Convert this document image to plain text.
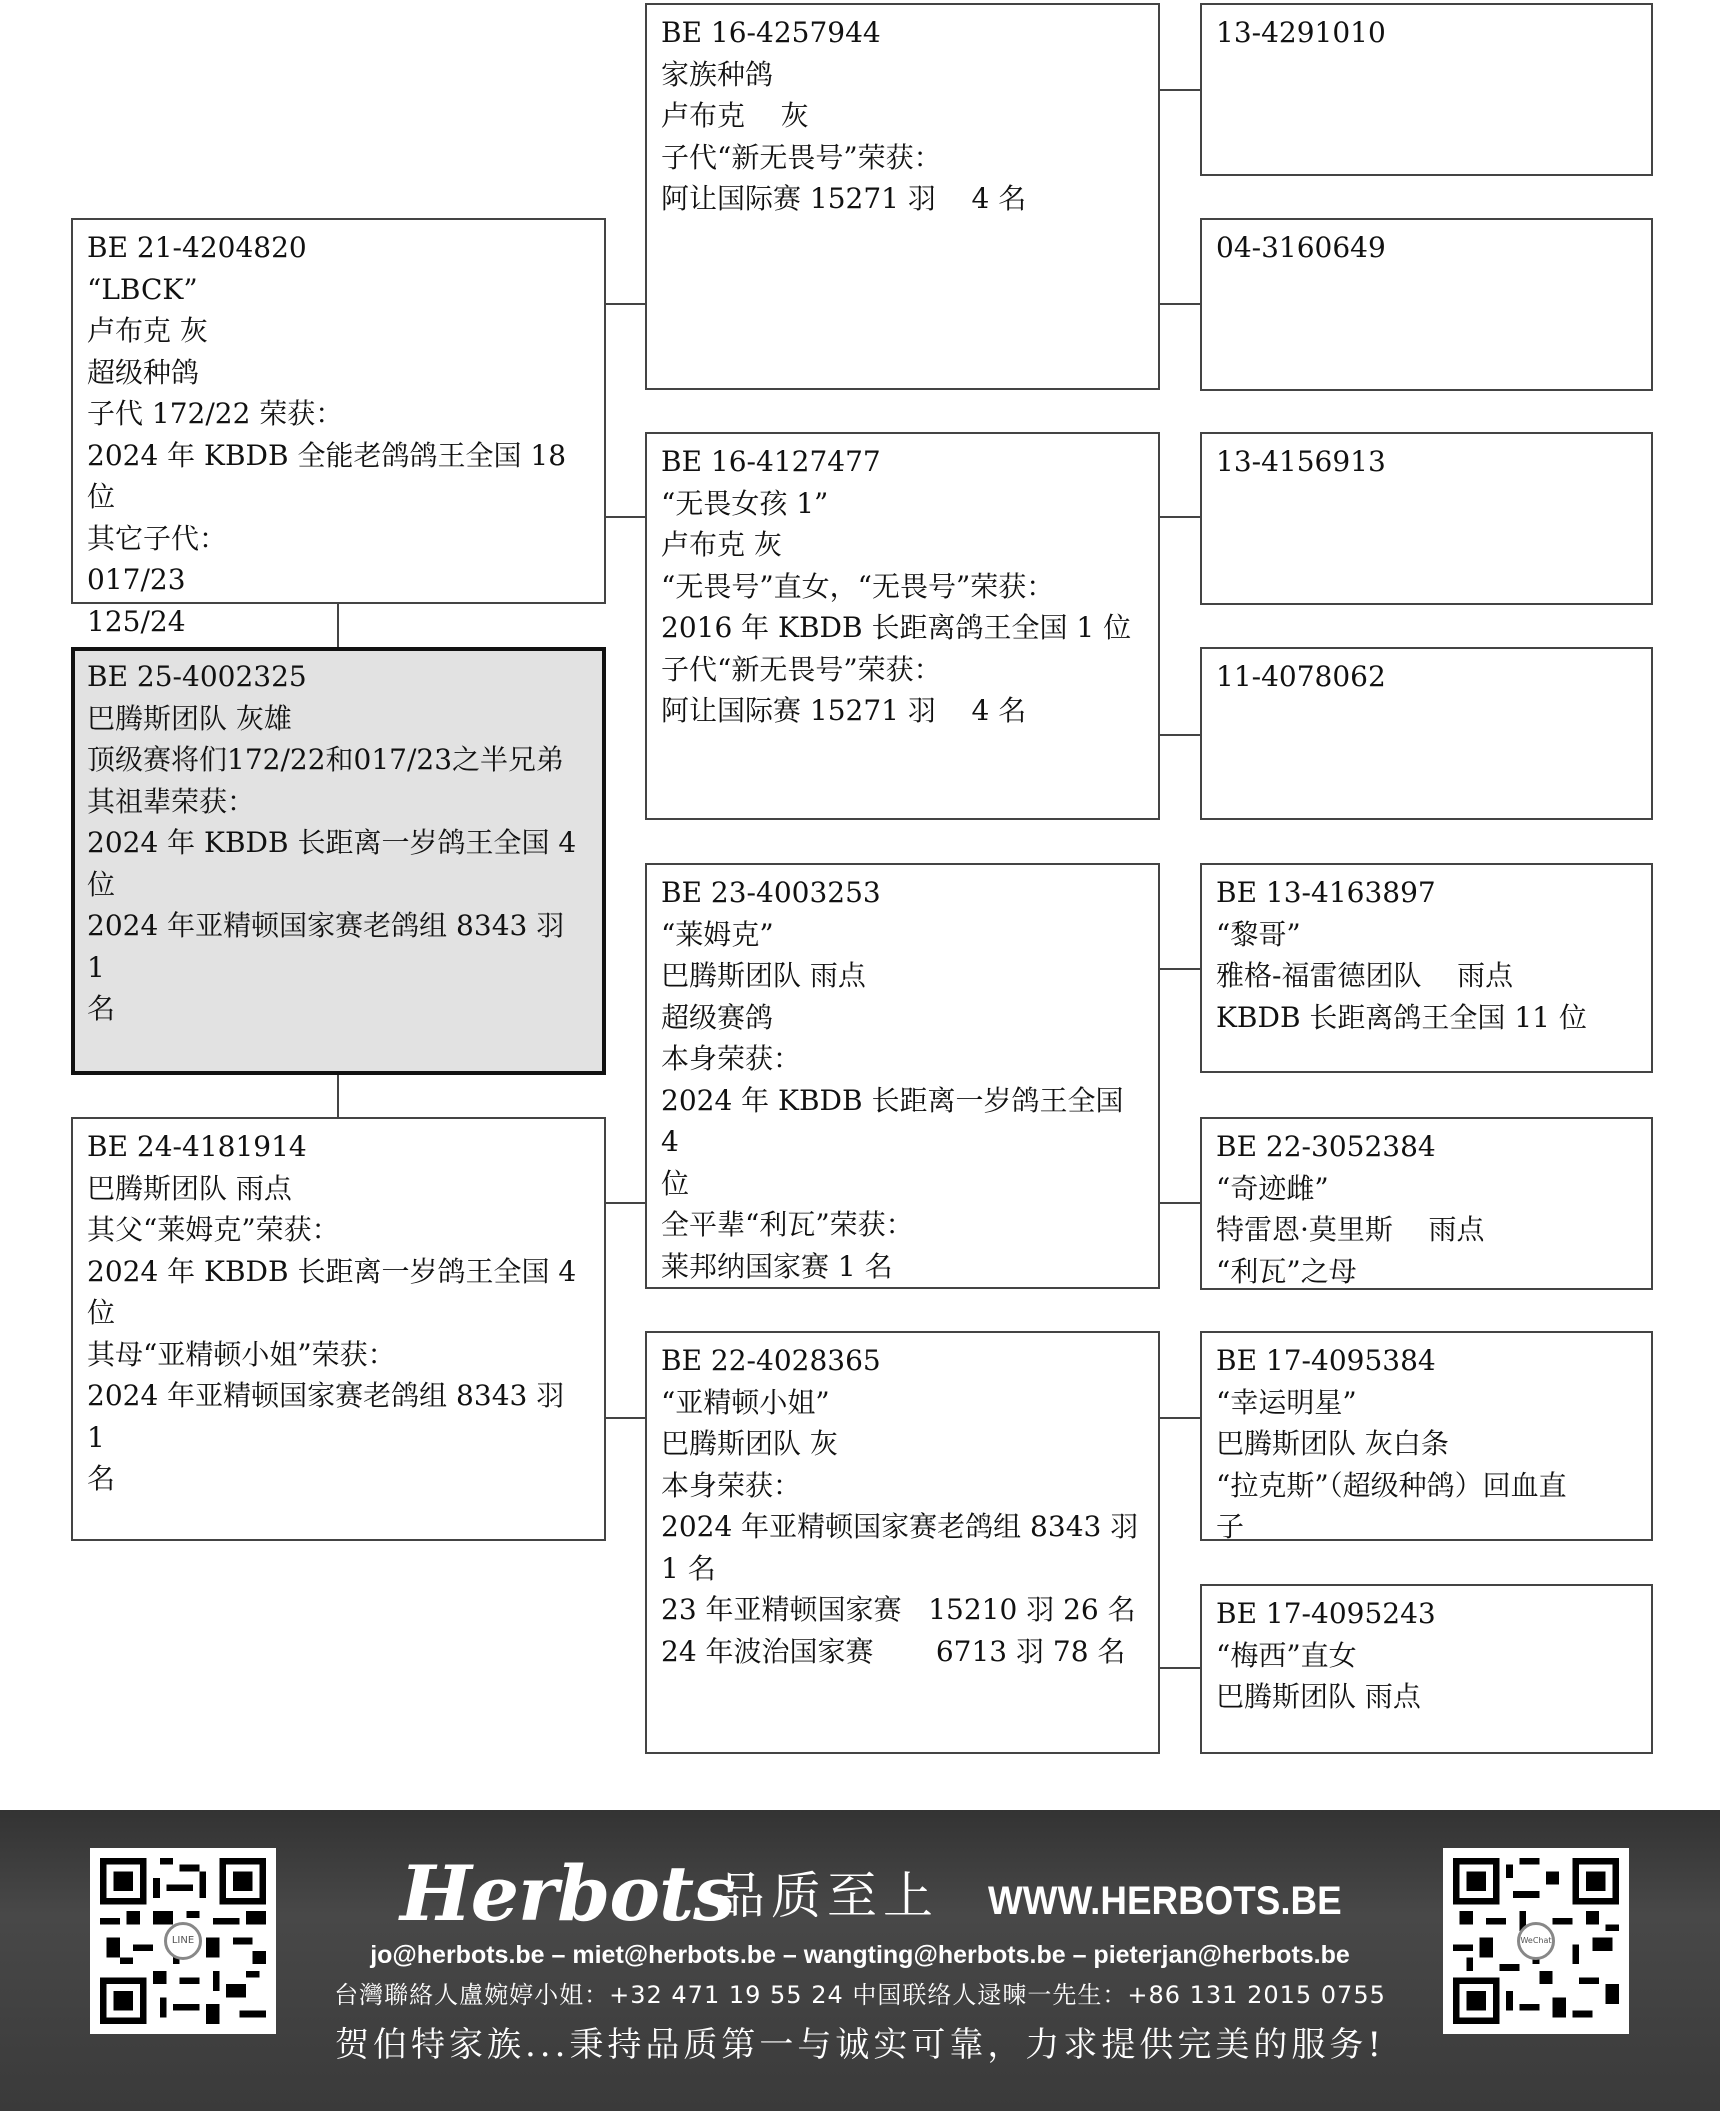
BE 21-4204820
“LBCK”
卢布克 灰
超级种鸽
子代 172/22 荣获：
2024 年 KBDB 全能老鸽鸽王全国 18 位
其它子代：
017/23
125/24
BE 25-4002325
巴腾斯团队 灰雄
顶级赛将们172/22和017/23之半兄弟
其祖辈荣获：
2024 年 KBDB 长距离一岁鸽王全国 4 位
2024 年亚精顿国家赛老鸽组 8343 羽 1
名
BE 24-4181914
巴腾斯团队 雨点
其父“莱姆克”荣获：
2024 年 KBDB 长距离一岁鸽王全国 4 位
其母“亚精顿小姐”荣获：
2024 年亚精顿国家赛老鸽组 8343 羽 1
名
BE 16-4257944
家族种鸽
卢布克    灰
子代“新无畏号”荣获：
阿让国际赛 15271 羽    4 名
BE 16-4127477
“无畏女孩 1”
卢布克 灰
“无畏号”直女，“无畏号”荣获：
2016 年 KBDB 长距离鸽王全国 1 位
子代“新无畏号”荣获：
阿让国际赛 15271 羽    4 名
BE 23-4003253
“莱姆克”
巴腾斯团队 雨点
超级赛鸽
本身荣获：
2024 年 KBDB 长距离一岁鸽王全国 4
位
全平辈“利瓦”荣获：
莱邦纳国家赛 1 名
BE 22-4028365
“亚精顿小姐”
巴腾斯团队 灰
本身荣获：
2024 年亚精顿国家赛老鸽组 8343 羽
1 名
23 年亚精顿国家赛   15210 羽 26 名
24 年波治国家赛       6713 羽 78 名
13-4291010
04-3160649
13-4156913
11-4078062
BE 13-4163897
“黎哥”
雅格-福雷德团队    雨点
KBDB 长距离鸽王全国 11 位
BE 22-3052384
“奇迹雌”
特雷恩·莫里斯    雨点
“利瓦”之母
BE 17-4095384
“幸运明星”
巴腾斯团队 灰白条
“拉克斯”（超级种鸽）回血直
子
BE 17-4095243
“梅西”直女
巴腾斯团队 雨点
LINE
Herbots
品质至上 WWW.HERBOTS.BE
jo@herbots.be – miet@herbots.be – wangting@herbots.be – pieterjan@herbots.be
台灣聯絡人盧婉婷小姐：+32 471 19 55 24 中国联络人逯暕一先生：+86 131 2015 0755
贺伯特家族...秉持品质第一与诚实可靠，力求提供完美的服务!
WeChat
